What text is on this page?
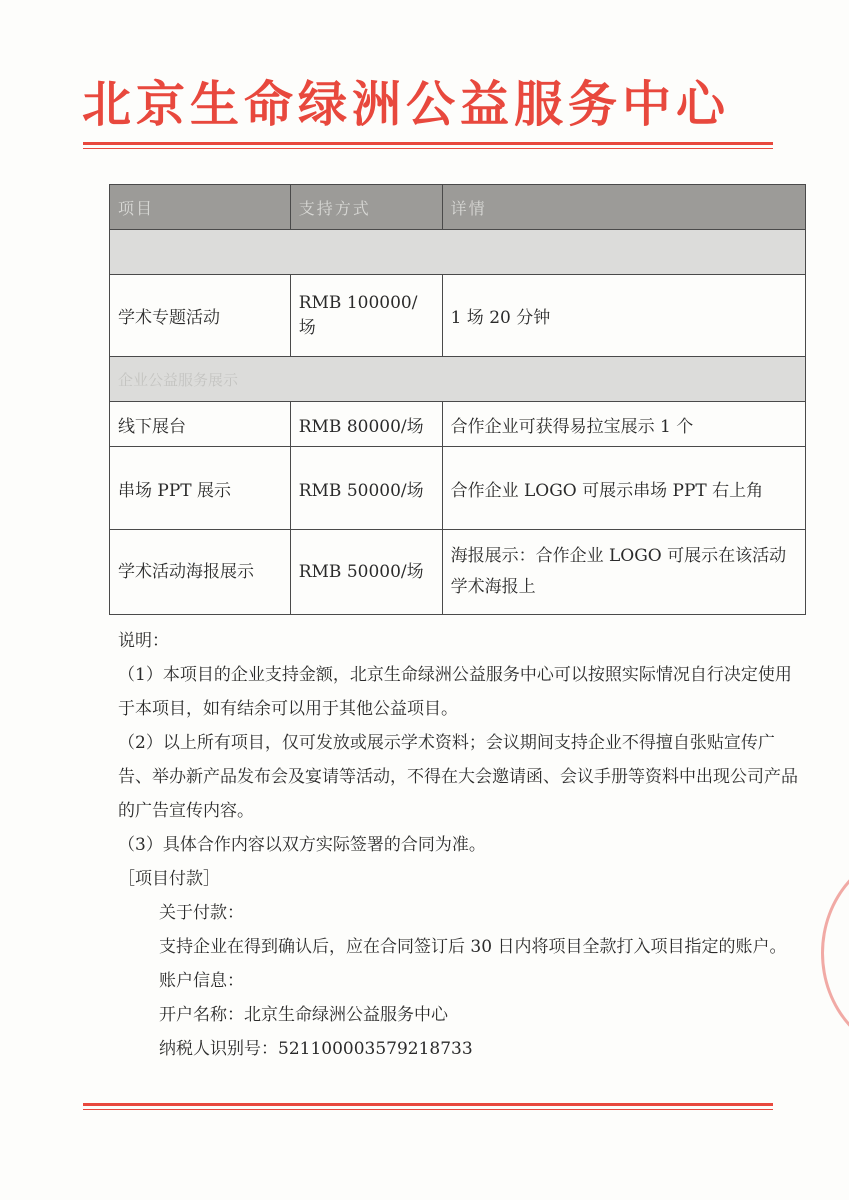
北京生命绿洲公益服务中心
项目	支持方式	详情

学术专题活动	RMB 100000/场	1 场 20 分钟
企业公益服务展示		
线下展台	RMB 80000/场	合作企业可获得易拉宝展示 1 个
串场 PPT 展示	RMB 50000/场	合作企业 LOGO 可展示串场 PPT 右上角
学术活动海报展示	RMB 50000/场	海报展示：合作企业 LOGO 可展示在该活动学术海报上

说明：

（1）本项目的企业支持金额，北京生命绿洲公益服务中心可以按照实际情况自行决定使用于本项目，如有结余可以用于其他公益项目。

（2）以上所有项目，仅可发放或展示学术资料；会议期间支持企业不得擅自张贴宣传广告、举办新产品发布会及宴请等活动，不得在大会邀请函、会议手册等资料中出现公司产品的广告宣传内容。

（3）具体合作内容以双方实际签署的合同为准。

［项目付款］

关于付款：

支持企业在得到确认后，应在合同签订后 30 日内将项目全款打入项目指定的账户。

账户信息：

开户名称：北京生命绿洲公益服务中心

纳税人识别号：521100003579218733
